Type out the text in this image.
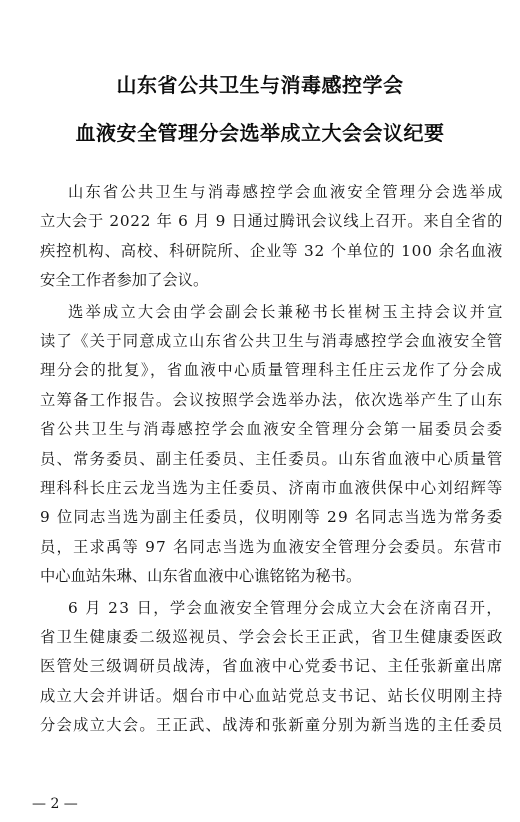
山东省公共卫生与消毒感控学会
血液安全管理分会选举成立大会会议纪要
山东省公共卫生与消毒感控学会血液安全管理分会选举成
立大会于 2022 年 6 月 9 日通过腾讯会议线上召开。来自全省的
疾控机构、高校、科研院所、企业等 32 个单位的 100 余名血液
安全工作者参加了会议。
选举成立大会由学会副会长兼秘书长崔树玉主持会议并宣
读了《关于同意成立山东省公共卫生与消毒感控学会血液安全管
理分会的批复》，省血液中心质量管理科主任庄云龙作了分会成
立筹备工作报告。会议按照学会选举办法，依次选举产生了山东
省公共卫生与消毒感控学会血液安全管理分会第一届委员会委
员、常务委员、副主任委员、主任委员。山东省血液中心质量管
理科科长庄云龙当选为主任委员、济南市血液供保中心刘绍辉等
9 位同志当选为副主任委员，仪明刚等 29 名同志当选为常务委
员，王求禹等 97 名同志当选为血液安全管理分会委员。东营市
中心血站朱琳、山东省血液中心谯铭铭为秘书。
6 月 23 日，学会血液安全管理分会成立大会在济南召开，
省卫生健康委二级巡视员、学会会长王正武，省卫生健康委医政
医管处三级调研员战涛，省血液中心党委书记、主任张新童出席
成立大会并讲话。烟台市中心血站党总支书记、站长仪明刚主持
分会成立大会。王正武、战涛和张新童分别为新当选的主任委员
— 2 —
